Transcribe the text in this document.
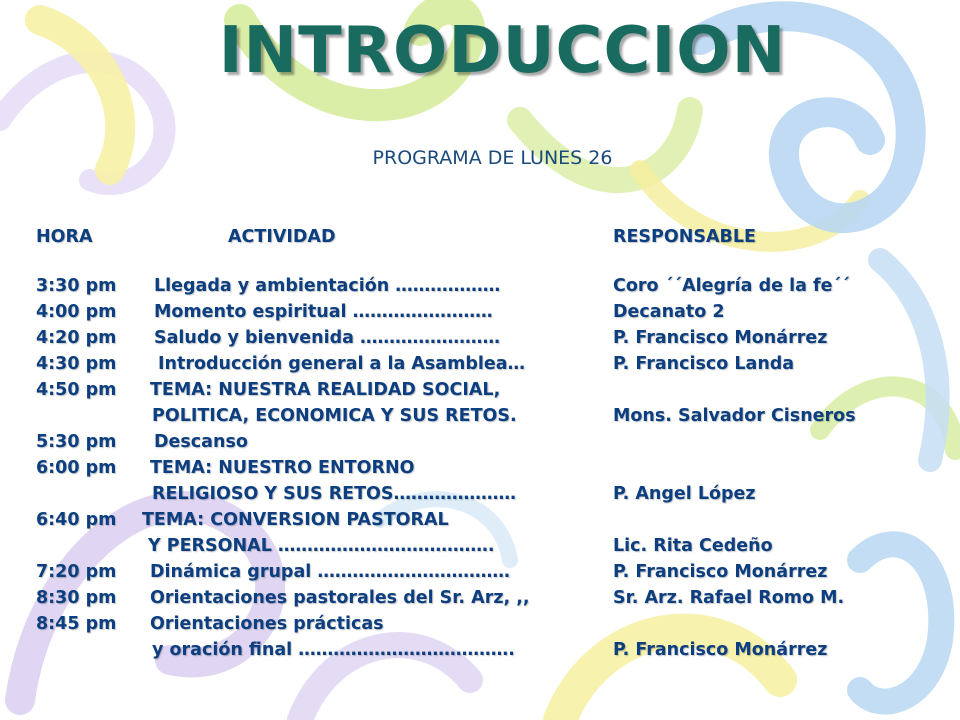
INTRODUCCION
PROGRAMA DE LUNES 26
HORA	ACTIVIDAD	RESPONSABLE
3:30 pm Llegada y ambientación ………………	Coro ´´Alegría de la fe´´
4:00 pm Momento espiritual ……………………	Decanato 2
4:20 pm Saludo y bienvenida ……………………	P. Francisco Monárrez
4:30 pm Introducción general a la Asamblea…	P. Francisco Landa
4:50 pm TEMA: NUESTRA REALIDAD SOCIAL,
POLITICA, ECONOMICA Y SUS RETOS.	Mons. Salvador Cisneros
5:30 pm Descanso
6:00 pm TEMA: NUESTRO ENTORNO
RELIGIOSO Y SUS RETOS…………………	P. Angel López
6:40 pm TEMA: CONVERSION PASTORAL
Y PERSONAL ……………………………….	Lic. Rita Cedeño
7:20 pm Dinámica grupal ……………………………	P. Francisco Monárrez
8:30 pm Orientaciones pastorales del Sr. Arz, ,,	Sr. Arz. Rafael Romo M.
8:45 pm Orientaciones prácticas
y oración final ……………………………….	P. Francisco Monárrez
